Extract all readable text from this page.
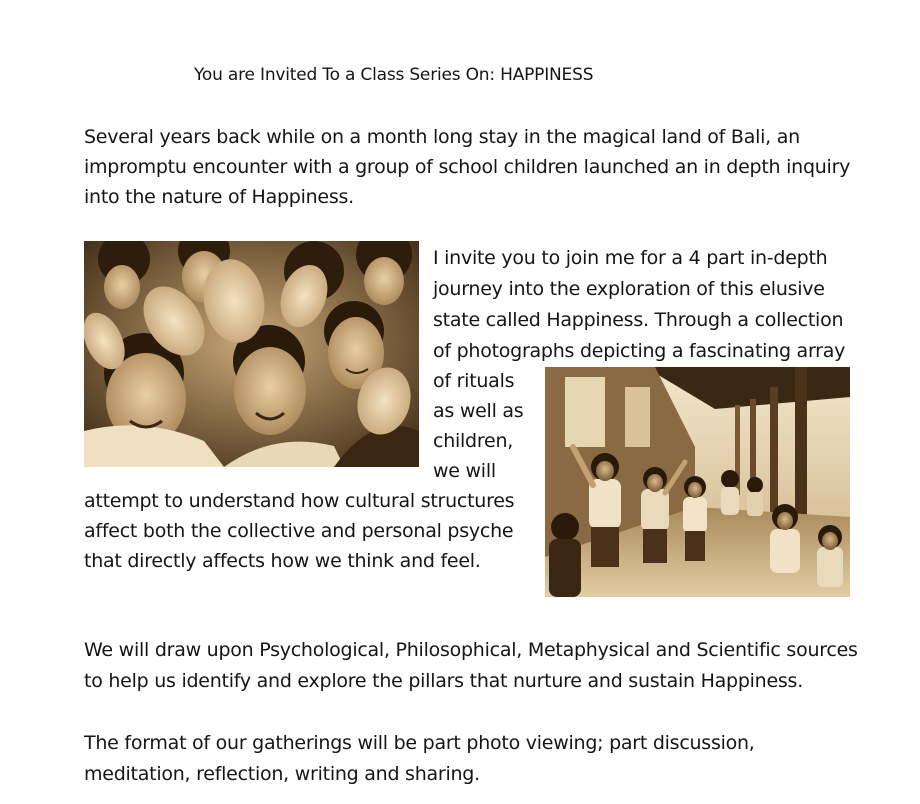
You are Invited To a Class Series On: HAPPINESS
Several years back while on a month long stay in the magical land of Bali, an
impromptu encounter with a group of school children launched an in depth inquiry
into the nature of Happiness.
I invite you to join me for a 4 part in-depth
journey into the exploration of this elusive
state called Happiness. Through a collection
of photographs depicting a fascinating array
of rituals
as well as
children,
we will
attempt to understand how cultural structures
affect both the collective and personal psyche
that directly affects how we think and feel.
We will draw upon Psychological, Philosophical, Metaphysical and Scientific sources
to help us identify and explore the pillars that nurture and sustain Happiness.
The format of our gatherings will be part photo viewing; part discussion,
meditation, reflection, writing and sharing.
